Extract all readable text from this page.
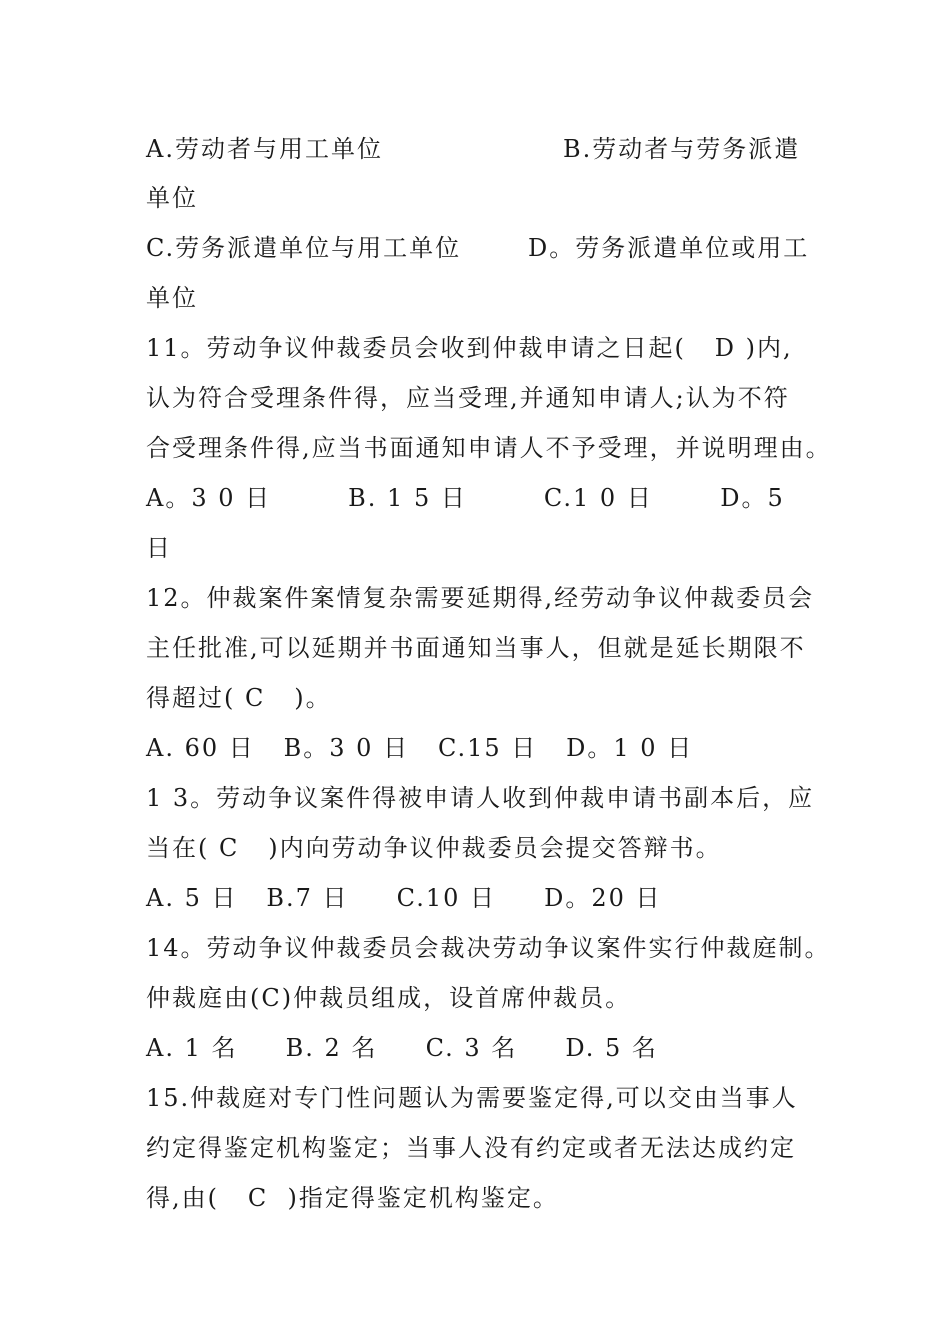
A.劳动者与用工单位	B.劳动者与劳务派遣
单位
C.劳务派遣单位与用工单位	D。劳务派遣单位或用工
单位
11。劳动争议仲裁委员会收到仲裁申请之日起(   D )内,
认为符合受理条件得，应当受理,并通知申请人;认为不符
合受理条件得,应当书面通知申请人不予受理，并说明理由。
A。3 0 日        B. 1 5 日        C.1 0 日       D。5
日
12。仲裁案件案情复杂需要延期得,经劳动争议仲裁委员会
主任批准,可以延期并书面通知当事人，但就是延长期限不
得超过( C   )。
A. 60 日   B。3 0 日   C.15 日   D。1 0 日
1 3。劳动争议案件得被申请人收到仲裁申请书副本后，应
当在( C   )内向劳动争议仲裁委员会提交答辩书。
A. 5 日   B.7 日     C.10 日     D。20 日
14。劳动争议仲裁委员会裁决劳动争议案件实行仲裁庭制。
仲裁庭由(C)仲裁员组成，设首席仲裁员。
A. 1 名     B. 2 名     C. 3 名     D. 5 名
15.仲裁庭对专门性问题认为需要鉴定得,可以交由当事人
约定得鉴定机构鉴定；当事人没有约定或者无法达成约定
得,由(   C  )指定得鉴定机构鉴定。
